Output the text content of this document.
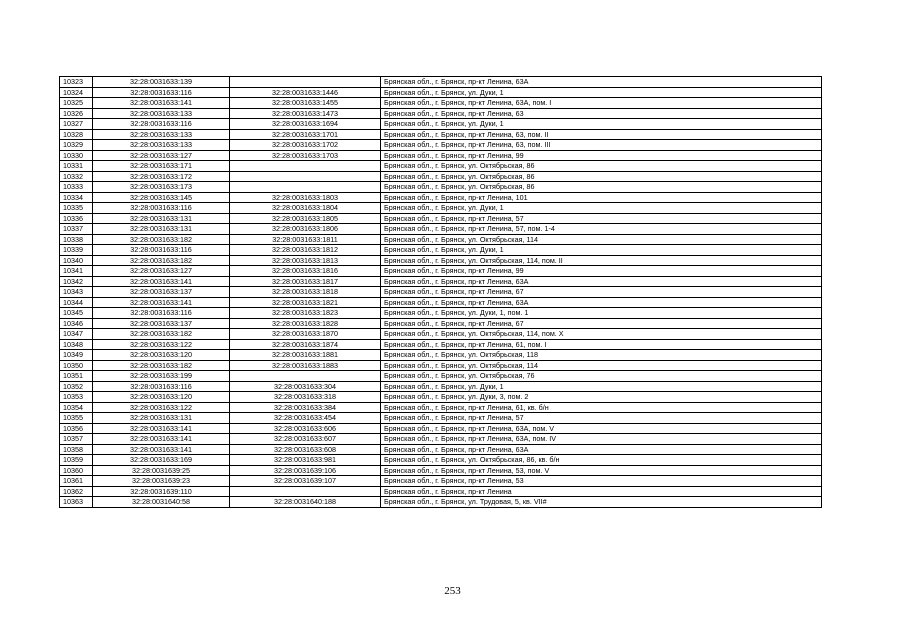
10323	32:28:0031633:139		Брянская обл., г. Брянск, пр-кт Ленина, 63А
10324	32:28:0031633:116	32:28:0031633:1446	Брянская обл., г. Брянск, ул. Дуки, 1
10325	32:28:0031633:141	32:28:0031633:1455	Брянская обл., г. Брянск, пр-кт Ленина, 63А, пом. I
10326	32:28:0031633:133	32:28:0031633:1473	Брянская обл., г. Брянск, пр-кт Ленина, 63
10327	32:28:0031633:116	32:28:0031633:1694	Брянская обл., г. Брянск, ул. Дуки, 1
10328	32:28:0031633:133	32:28:0031633:1701	Брянская обл., г. Брянск, пр-кт Ленина, 63, пом. II
10329	32:28:0031633:133	32:28:0031633:1702	Брянская обл., г. Брянск, пр-кт Ленина, 63, пом. III
10330	32:28:0031633:127	32:28:0031633:1703	Брянская обл., г. Брянск, пр-кт Ленина, 99
10331	32:28:0031633:171		Брянская обл., г. Брянск, ул. Октябрьская, 86
10332	32:28:0031633:172		Брянская обл., г. Брянск, ул. Октябрьская, 86
10333	32:28:0031633:173		Брянская обл., г. Брянск, ул. Октябрьская, 86
10334	32:28:0031633:145	32:28:0031633:1803	Брянская обл., г. Брянск, пр-кт Ленина, 101
10335	32:28:0031633:116	32:28:0031633:1804	Брянская обл., г. Брянск, ул. Дуки, 1
10336	32:28:0031633:131	32:28:0031633:1805	Брянская обл., г. Брянск, пр-кт Ленина, 57
10337	32:28:0031633:131	32:28:0031633:1806	Брянская обл., г. Брянск, пр-кт Ленина, 57, пом. 1-4
10338	32:28:0031633:182	32:28:0031633:1811	Брянская обл., г. Брянск, ул. Октябрьская, 114
10339	32:28:0031633:116	32:28:0031633:1812	Брянская обл., г. Брянск, ул. Дуки, 1
10340	32:28:0031633:182	32:28:0031633:1813	Брянская обл., г. Брянск, ул. Октябрьская, 114, пом. II
10341	32:28:0031633:127	32:28:0031633:1816	Брянская обл., г. Брянск, пр-кт Ленина, 99
10342	32:28:0031633:141	32:28:0031633:1817	Брянская обл., г. Брянск, пр-кт Ленина, 63А
10343	32:28:0031633:137	32:28:0031633:1818	Брянская обл., г. Брянск, пр-кт Ленина, 67
10344	32:28:0031633:141	32:28:0031633:1821	Брянская обл., г. Брянск, пр-кт Ленина, 63А
10345	32:28:0031633:116	32:28:0031633:1823	Брянская обл., г. Брянск, ул. Дуки, 1, пом. 1
10346	32:28:0031633:137	32:28:0031633:1828	Брянская обл., г. Брянск, пр-кт Ленина, 67
10347	32:28:0031633:182	32:28:0031633:1870	Брянская обл., г. Брянск, ул. Октябрьская, 114, пом. X
10348	32:28:0031633:122	32:28:0031633:1874	Брянская обл., г. Брянск, пр-кт Ленина, 61, пом. I
10349	32:28:0031633:120	32:28:0031633:1881	Брянская обл., г. Брянск, ул. Октябрьская, 118
10350	32:28:0031633:182	32:28:0031633:1883	Брянская обл., г. Брянск, ул. Октябрьская, 114
10351	32:28:0031633:199		Брянская обл., г. Брянск, ул. Октябрьская, 76
10352	32:28:0031633:116	32:28:0031633:304	Брянская обл., г. Брянск, ул. Дуки, 1
10353	32:28:0031633:120	32:28:0031633:318	Брянская обл., г. Брянск, ул. Дуки, 3, пом. 2
10354	32:28:0031633:122	32:28:0031633:384	Брянская обл., г. Брянск, пр-кт Ленина, 61, кв. б/н
10355	32:28:0031633:131	32:28:0031633:454	Брянская обл., г. Брянск, пр-кт Ленина, 57
10356	32:28:0031633:141	32:28:0031633:606	Брянская обл., г. Брянск, пр-кт Ленина, 63А, пом. V
10357	32:28:0031633:141	32:28:0031633:607	Брянская обл., г. Брянск, пр-кт Ленина, 63А, пом. IV
10358	32:28:0031633:141	32:28:0031633:608	Брянская обл., г. Брянск, пр-кт Ленина, 63А
10359	32:28:0031633:169	32:28:0031633:981	Брянская обл., г. Брянск, ул. Октябрьская, 86, кв. б/н
10360	32:28:0031639:25	32:28:0031639:106	Брянская обл., г. Брянск, пр-кт Ленина, 53, пом. V
10361	32:28:0031639:23	32:28:0031639:107	Брянская обл., г. Брянск, пр-кт Ленина, 53
10362	32:28:0031639:110		Брянская обл., г. Брянск, пр-кт Ленина
10363	32:28:0031640:58	32:28:0031640:188	Брянская обл., г. Брянск, ул. Трудовая, 5, кв. VII#
253
